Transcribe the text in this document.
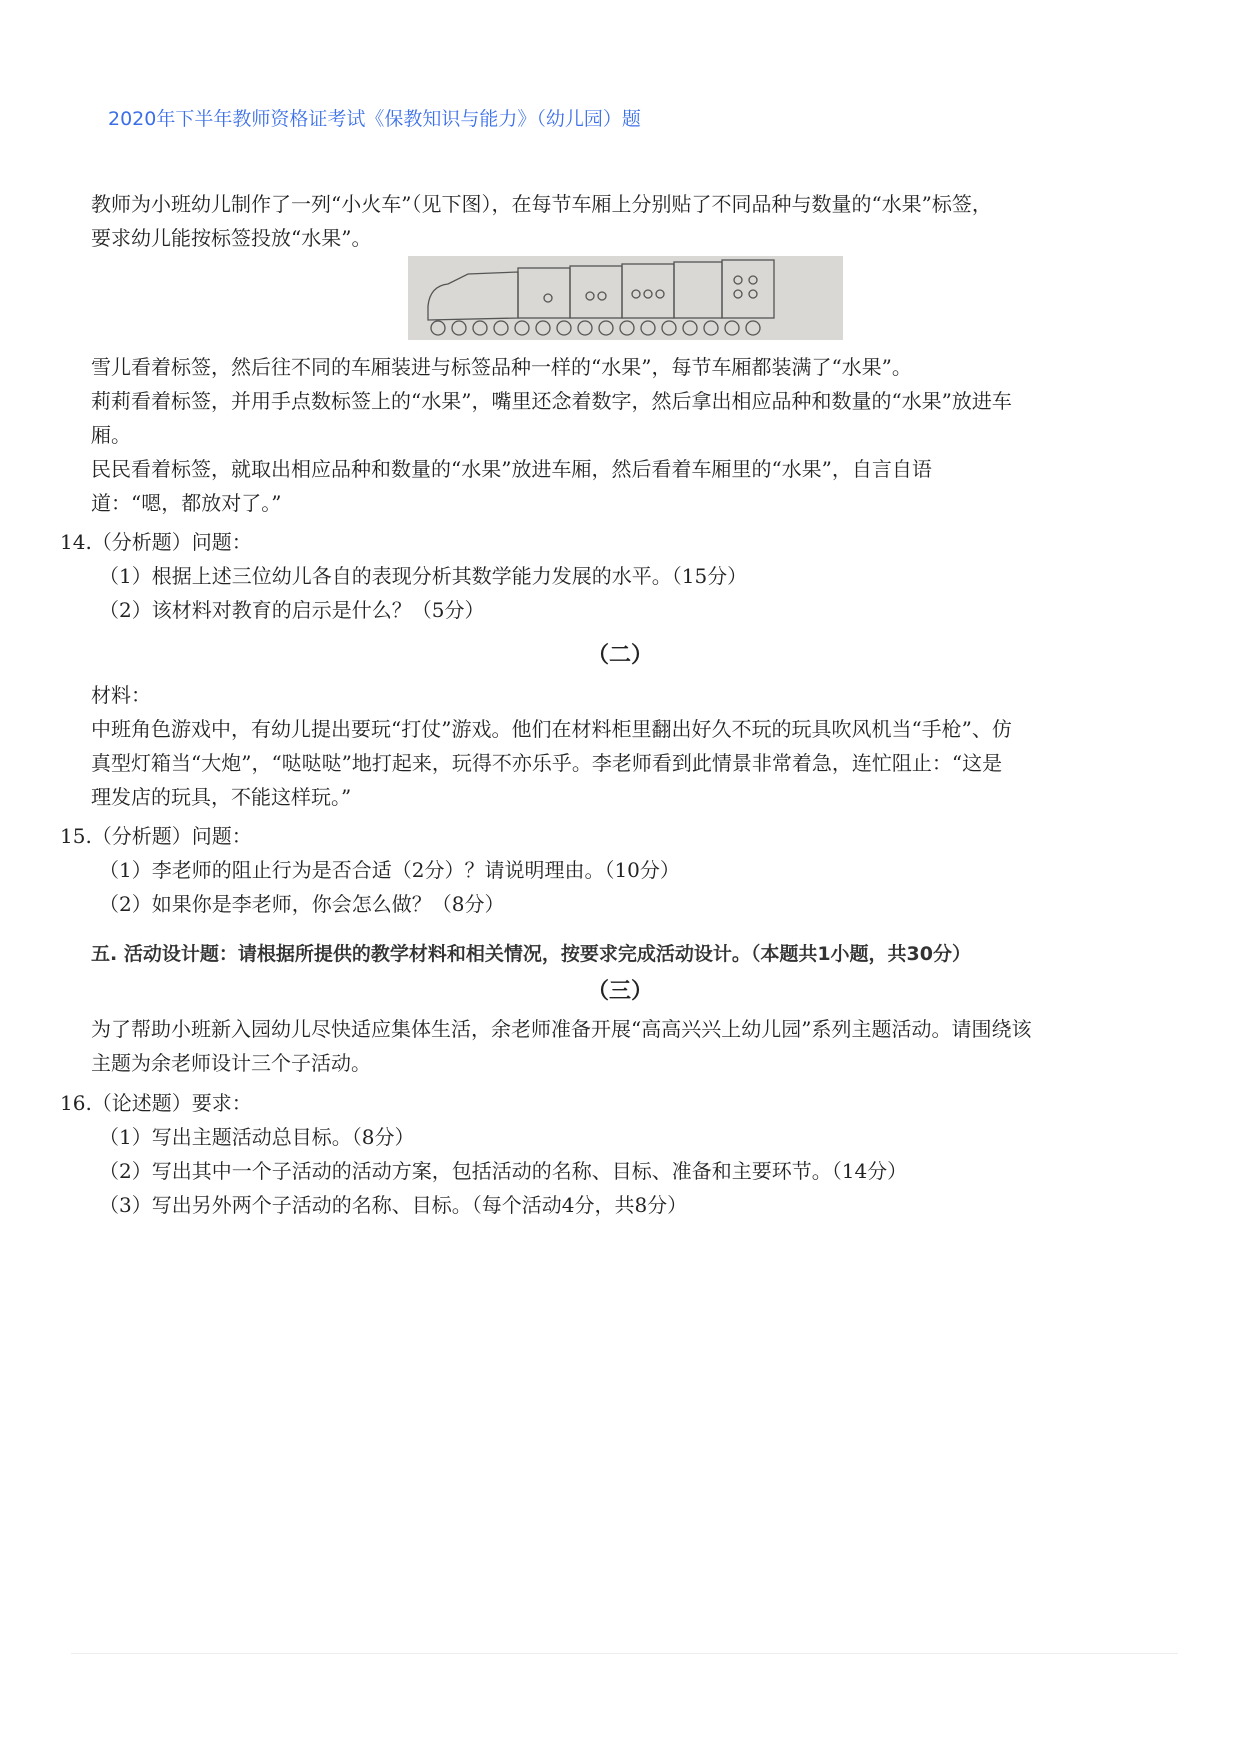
2020年下半年教师资格证考试《保教知识与能力》（幼儿园）题
教师为小班幼儿制作了一列“小火车”（见下图），在每节车厢上分别贴了不同品种与数量的“水果”标签，
要求幼儿能按标签投放“水果”。
雪儿看着标签，然后往不同的车厢装进与标签品种一样的“水果”，每节车厢都装满了“水果”。
莉莉看着标签，并用手点数标签上的“水果”，嘴里还念着数字，然后拿出相应品种和数量的“水果”放进车
厢。
民民看着标签，就取出相应品种和数量的“水果”放进车厢，然后看着车厢里的“水果”，自言自语
道：“嗯，都放对了。”
14.（分析题）问题：
（1）根据上述三位幼儿各自的表现分析其数学能力发展的水平。（15分）
（2）该材料对教育的启示是什么？（5分）
（二）
材料：
中班角色游戏中，有幼儿提出要玩“打仗”游戏。他们在材料柜里翻出好久不玩的玩具吹风机当“手枪”、仿
真型灯箱当“大炮”，“哒哒哒”地打起来，玩得不亦乐乎。李老师看到此情景非常着急，连忙阻止：“这是
理发店的玩具，不能这样玩。”
15.（分析题）问题：
（1）李老师的阻止行为是否合适（2分）？请说明理由。（10分）
（2）如果你是李老师，你会怎么做？（8分）
五. 活动设计题：请根据所提供的教学材料和相关情况，按要求完成活动设计。（本题共1小题，共30分）
（三）
为了帮助小班新入园幼儿尽快适应集体生活，余老师准备开展“高高兴兴上幼儿园”系列主题活动。请围绕该
主题为余老师设计三个子活动。
16.（论述题）要求：
（1）写出主题活动总目标。（8分）
（2）写出其中一个子活动的活动方案，包括活动的名称、目标、准备和主要环节。（14分）
（3）写出另外两个子活动的名称、目标。（每个活动4分，共8分）
